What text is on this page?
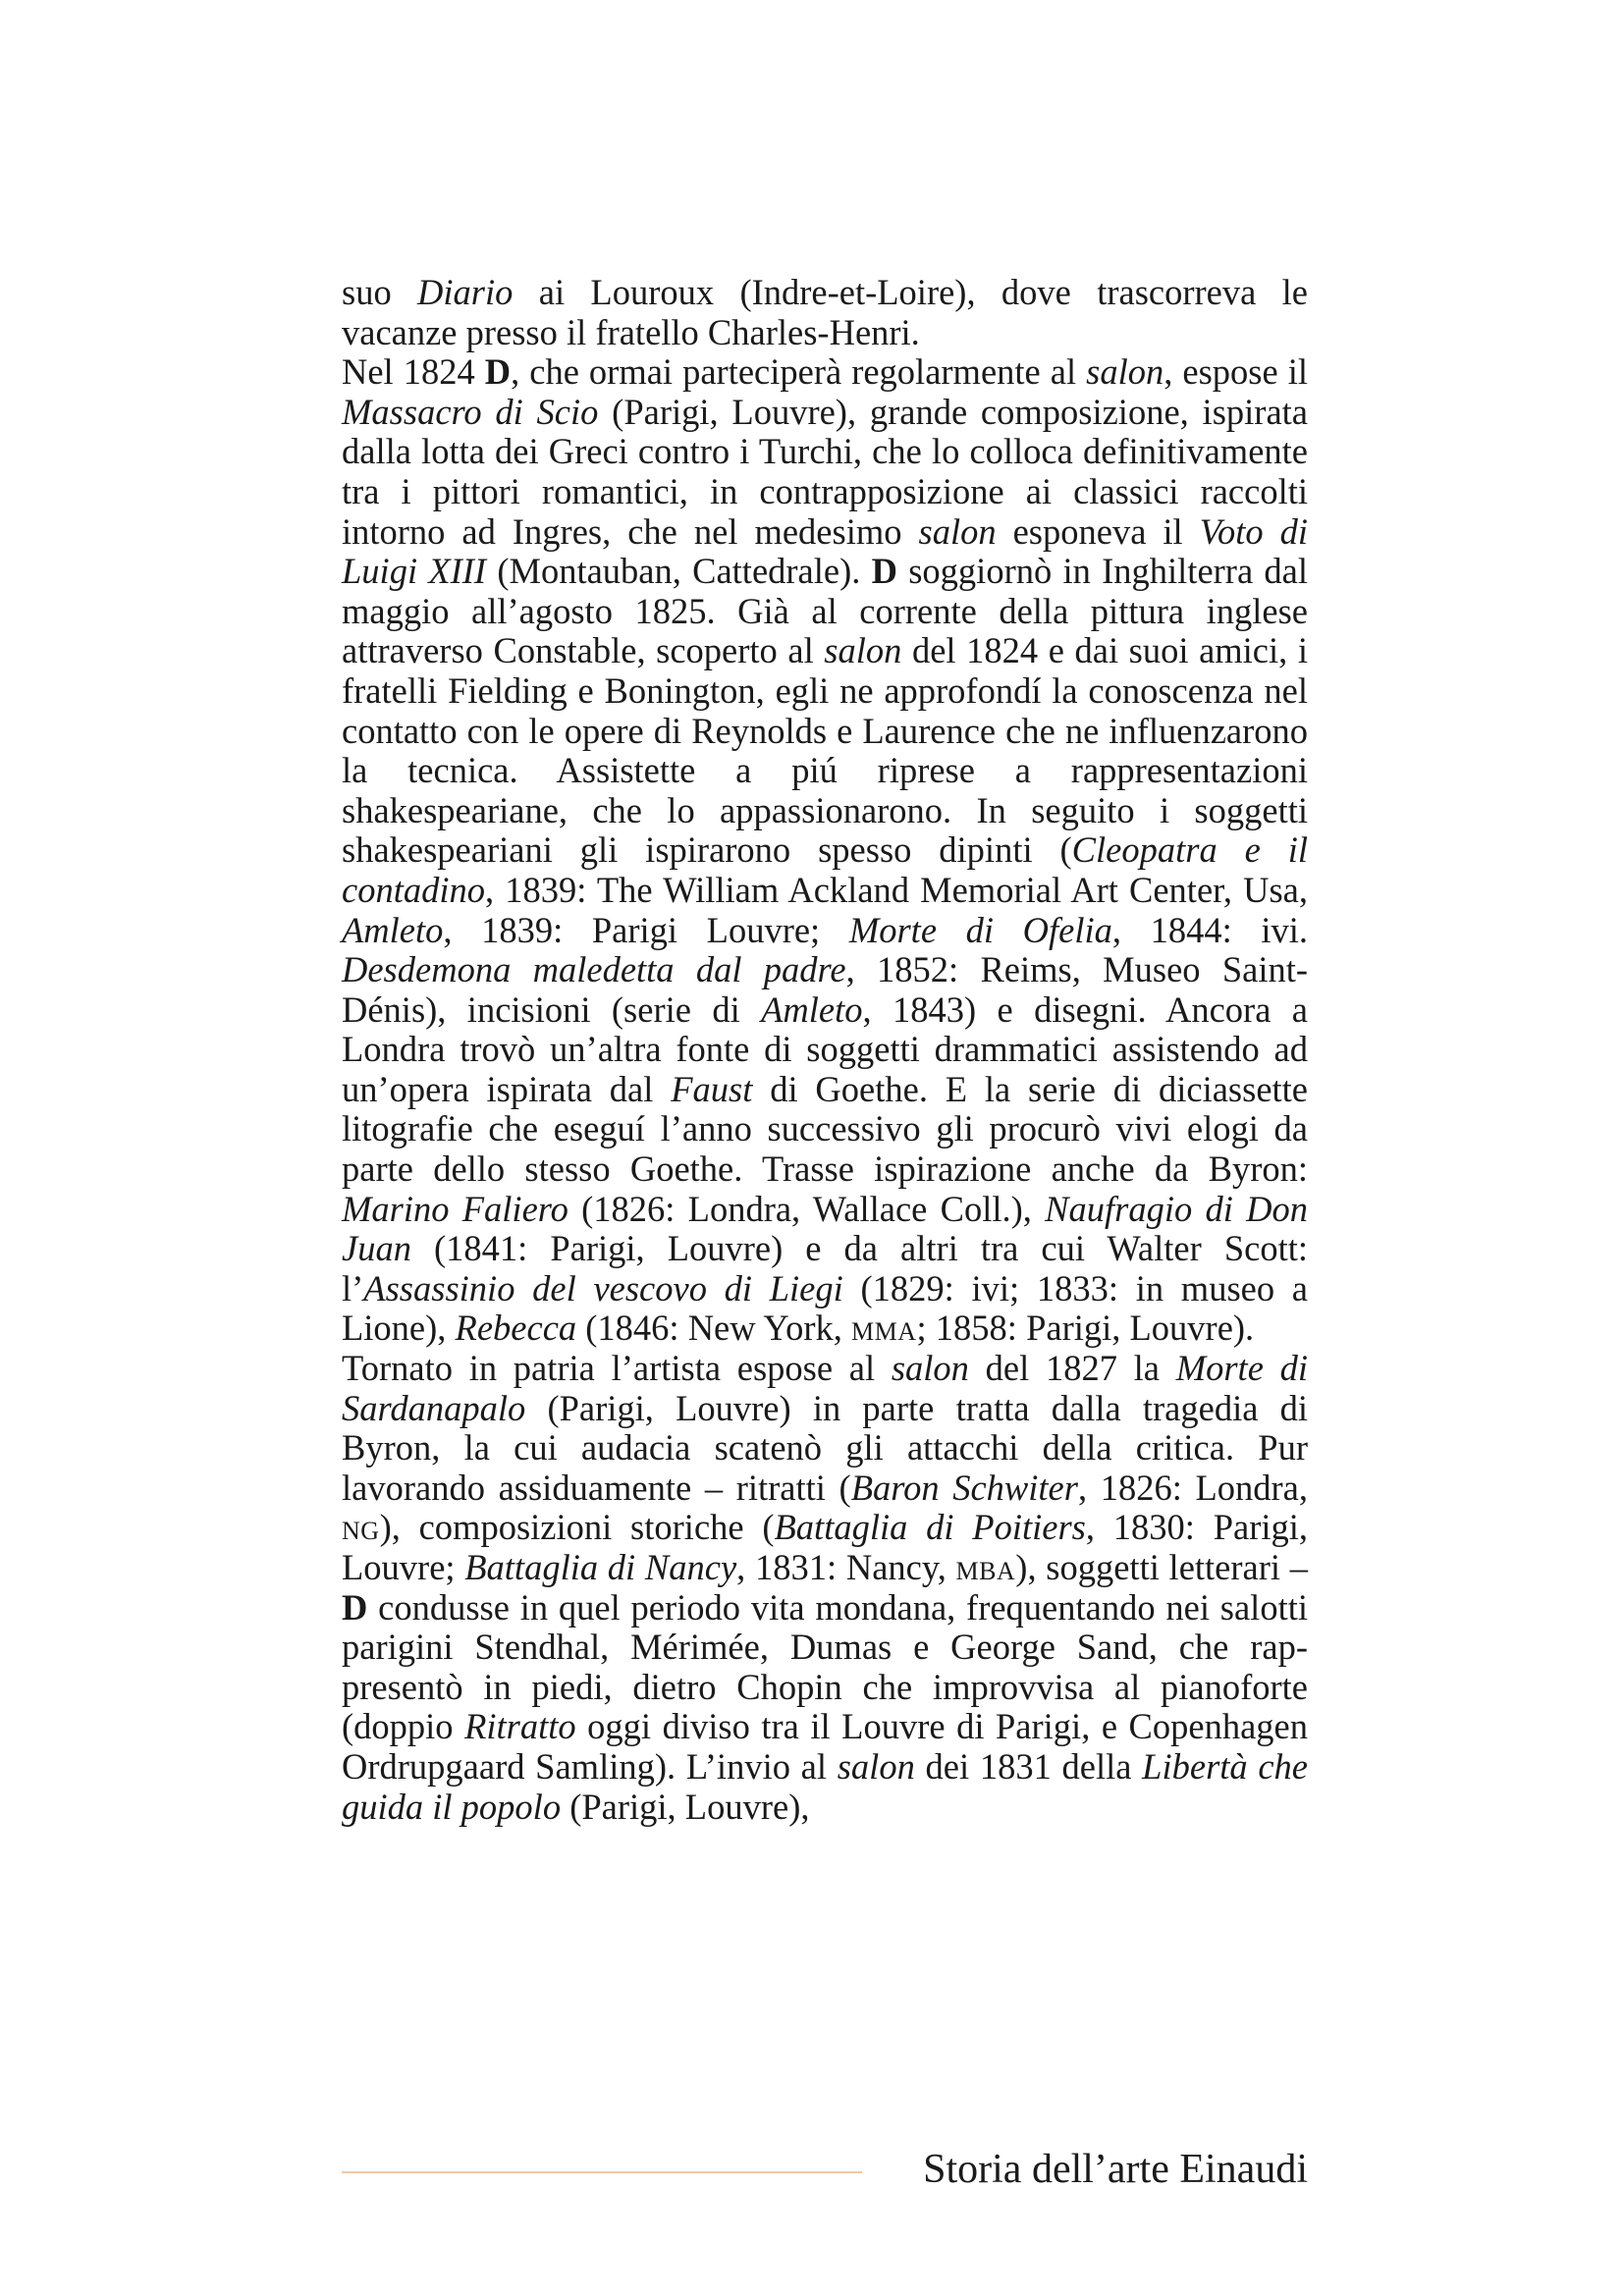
suo Diario ai Louroux (Indre-et-Loire), dove trascorreva le vacanze presso il fratello Charles-Henri.

Nel 1824 D, che ormai parteciperà regolarmente al salon, espose il Massacro di Scio (Parigi, Louvre), grande composizione, ispirata dalla lotta dei Greci contro i Turchi, che lo colloca definitivamente tra i pittori romantici, in contrapposizione ai classici raccolti intorno ad Ingres, che nel medesimo salon esponeva il Voto di Luigi XIII (Montauban, Cattedrale). D soggiornò in Inghilterra dal maggio all’agosto 1825. Già al corrente della pittura inglese attraverso Constable, scoperto al salon del 1824 e dai suoi amici, i fratelli Fielding e Bonington, egli ne approfondí la conoscenza nel contatto con le opere di Reynolds e Laurence che ne influenzarono la tecnica. Assistette a piú riprese a rappresentazioni shakespeariane, che lo appassionarono. In seguito i soggetti shakespeariani gli ispirarono spesso dipinti (Cleopatra e il contadino, 1839: The William Ackland Memorial Art Center, Usa, Amleto, 1839: Parigi Louvre; Morte di Ofelia, 1844: ivi. Desdemona maledetta dal padre, 1852: Reims, Museo Saint-Dénis), incisioni (serie di Amleto, 1843) e disegni. Ancora a Londra trovò un’altra fonte di soggetti drammatici assistendo ad un’opera ispirata dal Faust di Goethe. E la serie di diciassette litografie che eseguí l’anno successivo gli procurò vivi elogi da parte dello stesso Goethe. Trasse ispirazione anche da Byron: Marino Faliero (1826: Londra, Wallace Coll.), Naufragio di Don Juan (1841: Parigi, Louvre) e da altri tra cui Walter Scott: l’Assassinio del vescovo di Liegi (1829: ivi; 1833: in museo a Lione), Rebecca (1846: New York, mma; 1858: Parigi, Louvre).

Tornato in patria l’artista espose al salon del 1827 la Morte di Sardanapalo (Parigi, Louvre) in parte tratta dalla tragedia di Byron, la cui audacia scatenò gli attacchi della critica. Pur lavorando assiduamente – ritratti (Baron Schwiter, 1826: Londra, ng), composizioni storiche (Battaglia di Poitiers, 1830: Parigi, Louvre; Battaglia di Nancy, 1831: Nancy, mba), soggetti letterari – D condusse in quel periodo vita mondana, frequentando nei salotti parigini Stendhal, Mérimée, Dumas e George Sand, che rappresentò in piedi, dietro Chopin che improvvisa al pianoforte (doppio Ritratto oggi diviso tra il Louvre di Parigi, e Copenhagen Ordrupgaard Samling). L’invio al salon dei 1831 della Libertà che guida il popolo (Parigi, Louvre),

Storia dell’arte Einaudi
